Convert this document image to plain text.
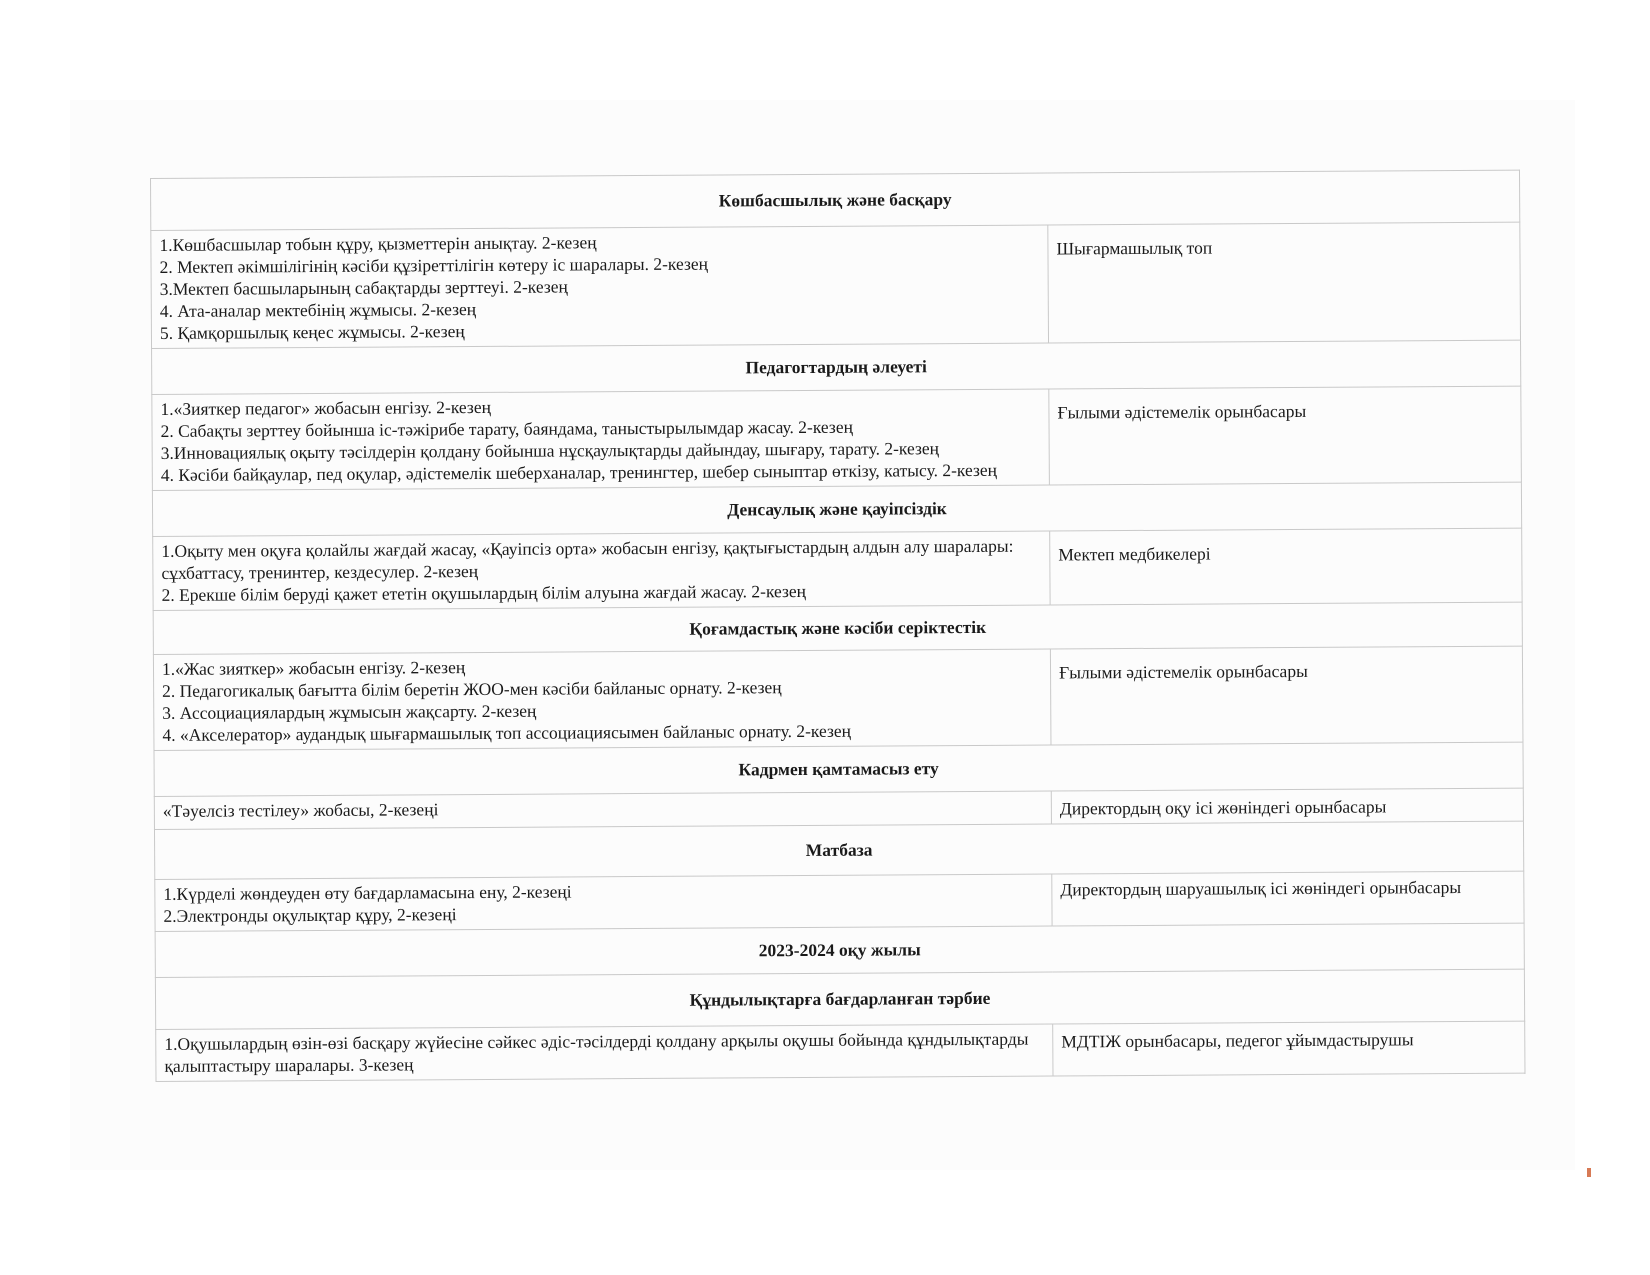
Көшбасшылық және басқару	

1.Көшбасшылар тобын құру, қызметтерін анықтау. 2-кезең
2. Мектеп әкімшілігінің кәсіби құзіреттілігін көтеру іс шаралары. 2-кезең
3.Мектеп басшыларының сабақтарды зерттеуі. 2-кезең
4. Ата-аналар мектебінің жұмысы. 2-кезең
5. Қамқоршылық кеңес жұмысы. 2-кезең	Шығармашылық топ
Педагогтардың әлеуеті	

1.«Зияткер педагог» жобасын енгізу. 2-кезең
2. Сабақты зерттеу бойынша іс-тәжірибе тарату, баяндама, таныстырылымдар жасау. 2-кезең
3.Инновациялық оқыту тәсілдерін қолдану бойынша нұсқаулықтарды дайындау, шығару, тарату. 2-кезең
4. Кәсіби байқаулар, пед оқулар, әдістемелік шеберханалар, тренингтер, шебер сыныптар өткізу, катысу. 2-кезең	Ғылыми әдістемелік орынбасары
Денсаулық және қауіпсіздік	

1.Оқыту мен оқуға қолайлы жағдай жасау, «Қауіпсіз орта» жобасын енгізу, қақтығыстардың алдын алу шаралары: сұхбаттасу, тренинтер, кездесулер. 2-кезең
2. Ерекше білім беруді қажет ететін оқушылардың білім алуына жағдай жасау. 2-кезең	Мектеп медбикелері
Қоғамдастық және кәсіби серіктестік	

1.«Жас зияткер» жобасын енгізу. 2-кезең
2. Педагогикалық бағытта білім беретін ЖОО-мен кәсіби байланыс орнату. 2-кезең
3. Ассоциациялардың жұмысын жақсарту. 2-кезең
4. «Акселератор» аудандық шығармашылық топ ассоциациясымен байланыс орнату. 2-кезең	Ғылыми әдістемелік орынбасары
Кадрмен қамтамасыз ету	

«Тәуелсіз тестілеу» жобасы, 2-кезеңі	Директордың оқу ісі жөніндегі орынбасары
Матбаза	

1.Күрделі жөндеуден өту бағдарламасына ену, 2-кезеңі
2.Электронды оқулықтар құру, 2-кезеңі	Директордың шаруашылық ісі жөніндегі орынбасары
2023-2024 оқу жылы	
Құндылықтарға бағдарланған тәрбие	

1.Оқушылардың өзін-өзі басқару жүйесіне сәйкес әдіс-тәсілдерді қолдану арқылы оқушы бойында құндылықтарды қалыптастыру шаралары. 3-кезең	МДТІЖ орынбасары, педегог ұйымдастырушы
